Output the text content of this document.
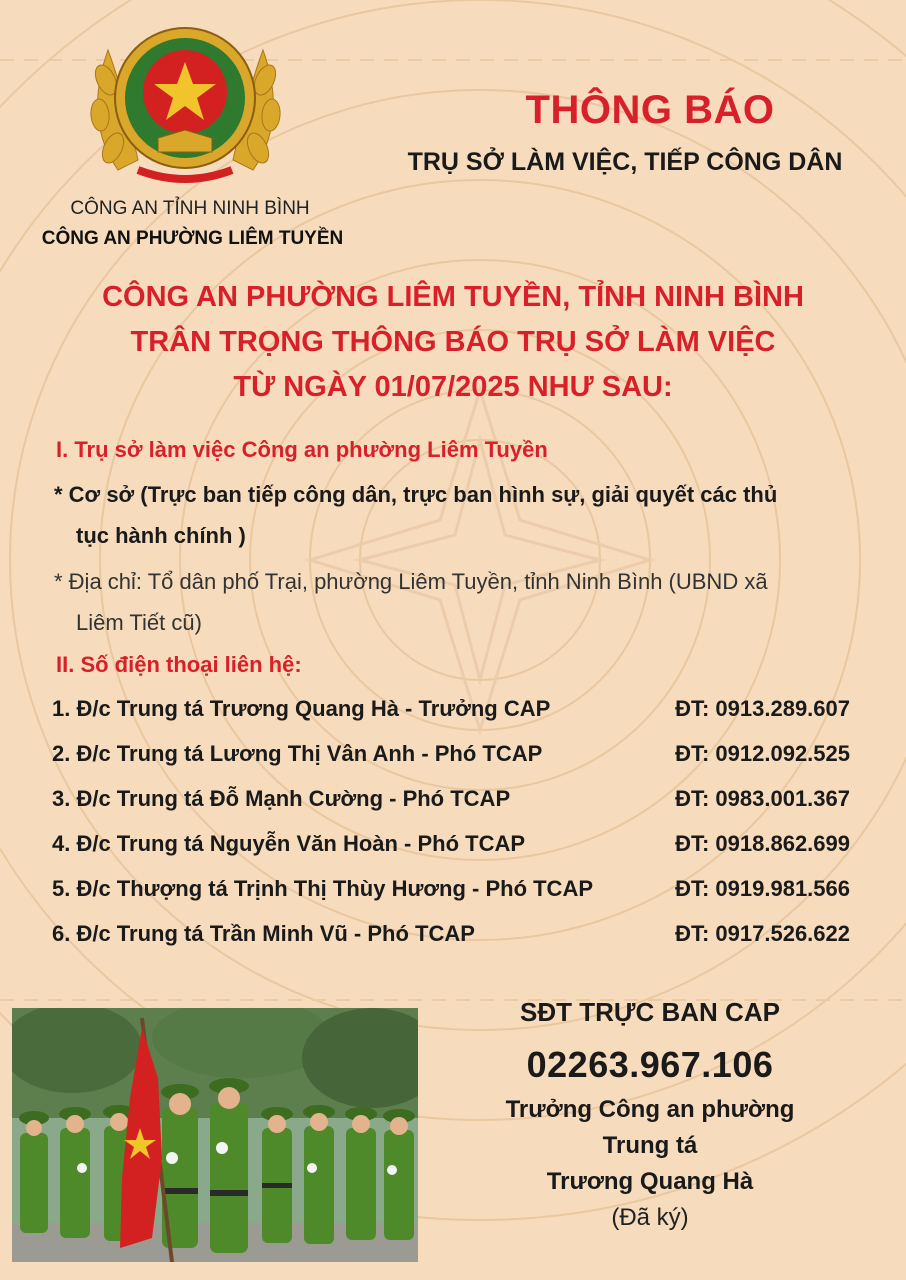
CÔNG AN TỈNH NINH BÌNH
CÔNG AN PHƯỜNG LIÊM TUYỀN
THÔNG BÁO
TRỤ SỞ LÀM VIỆC, TIẾP CÔNG DÂN
CÔNG AN PHƯỜNG LIÊM TUYỀN, TỈNH NINH BÌNH
TRÂN TRỌNG THÔNG BÁO TRỤ SỞ LÀM VIỆC
TỪ NGÀY 01/07/2025 NHƯ SAU:
I. Trụ sở làm việc Công an phường Liêm Tuyền
* Cơ sở (Trực ban tiếp công dân, trực ban hình sự, giải quyết các thủ
tục hành chính )
* Địa chỉ: Tổ dân phố Trại, phường Liêm Tuyền, tỉnh Ninh Bình (UBND xã
Liêm Tiết cũ)
II. Số điện thoại liên hệ:
1. Đ/c Trung tá Trương Quang Hà - Trưởng CAP	ĐT: 0913.289.607
2. Đ/c Trung tá Lương Thị Vân Anh - Phó TCAP	ĐT: 0912.092.525
3. Đ/c Trung tá Đỗ Mạnh Cường - Phó TCAP	ĐT: 0983.001.367
4. Đ/c Trung tá Nguyễn Văn Hoàn - Phó TCAP	ĐT: 0918.862.699
5. Đ/c Thượng tá Trịnh Thị Thùy Hương - Phó TCAP	ĐT: 0919.981.566
6. Đ/c Trung tá Trần Minh Vũ - Phó TCAP	ĐT: 0917.526.622
SĐT TRỰC BAN CAP
02263.967.106
Trưởng Công an phường
Trung tá
Trương Quang Hà
(Đã ký)
